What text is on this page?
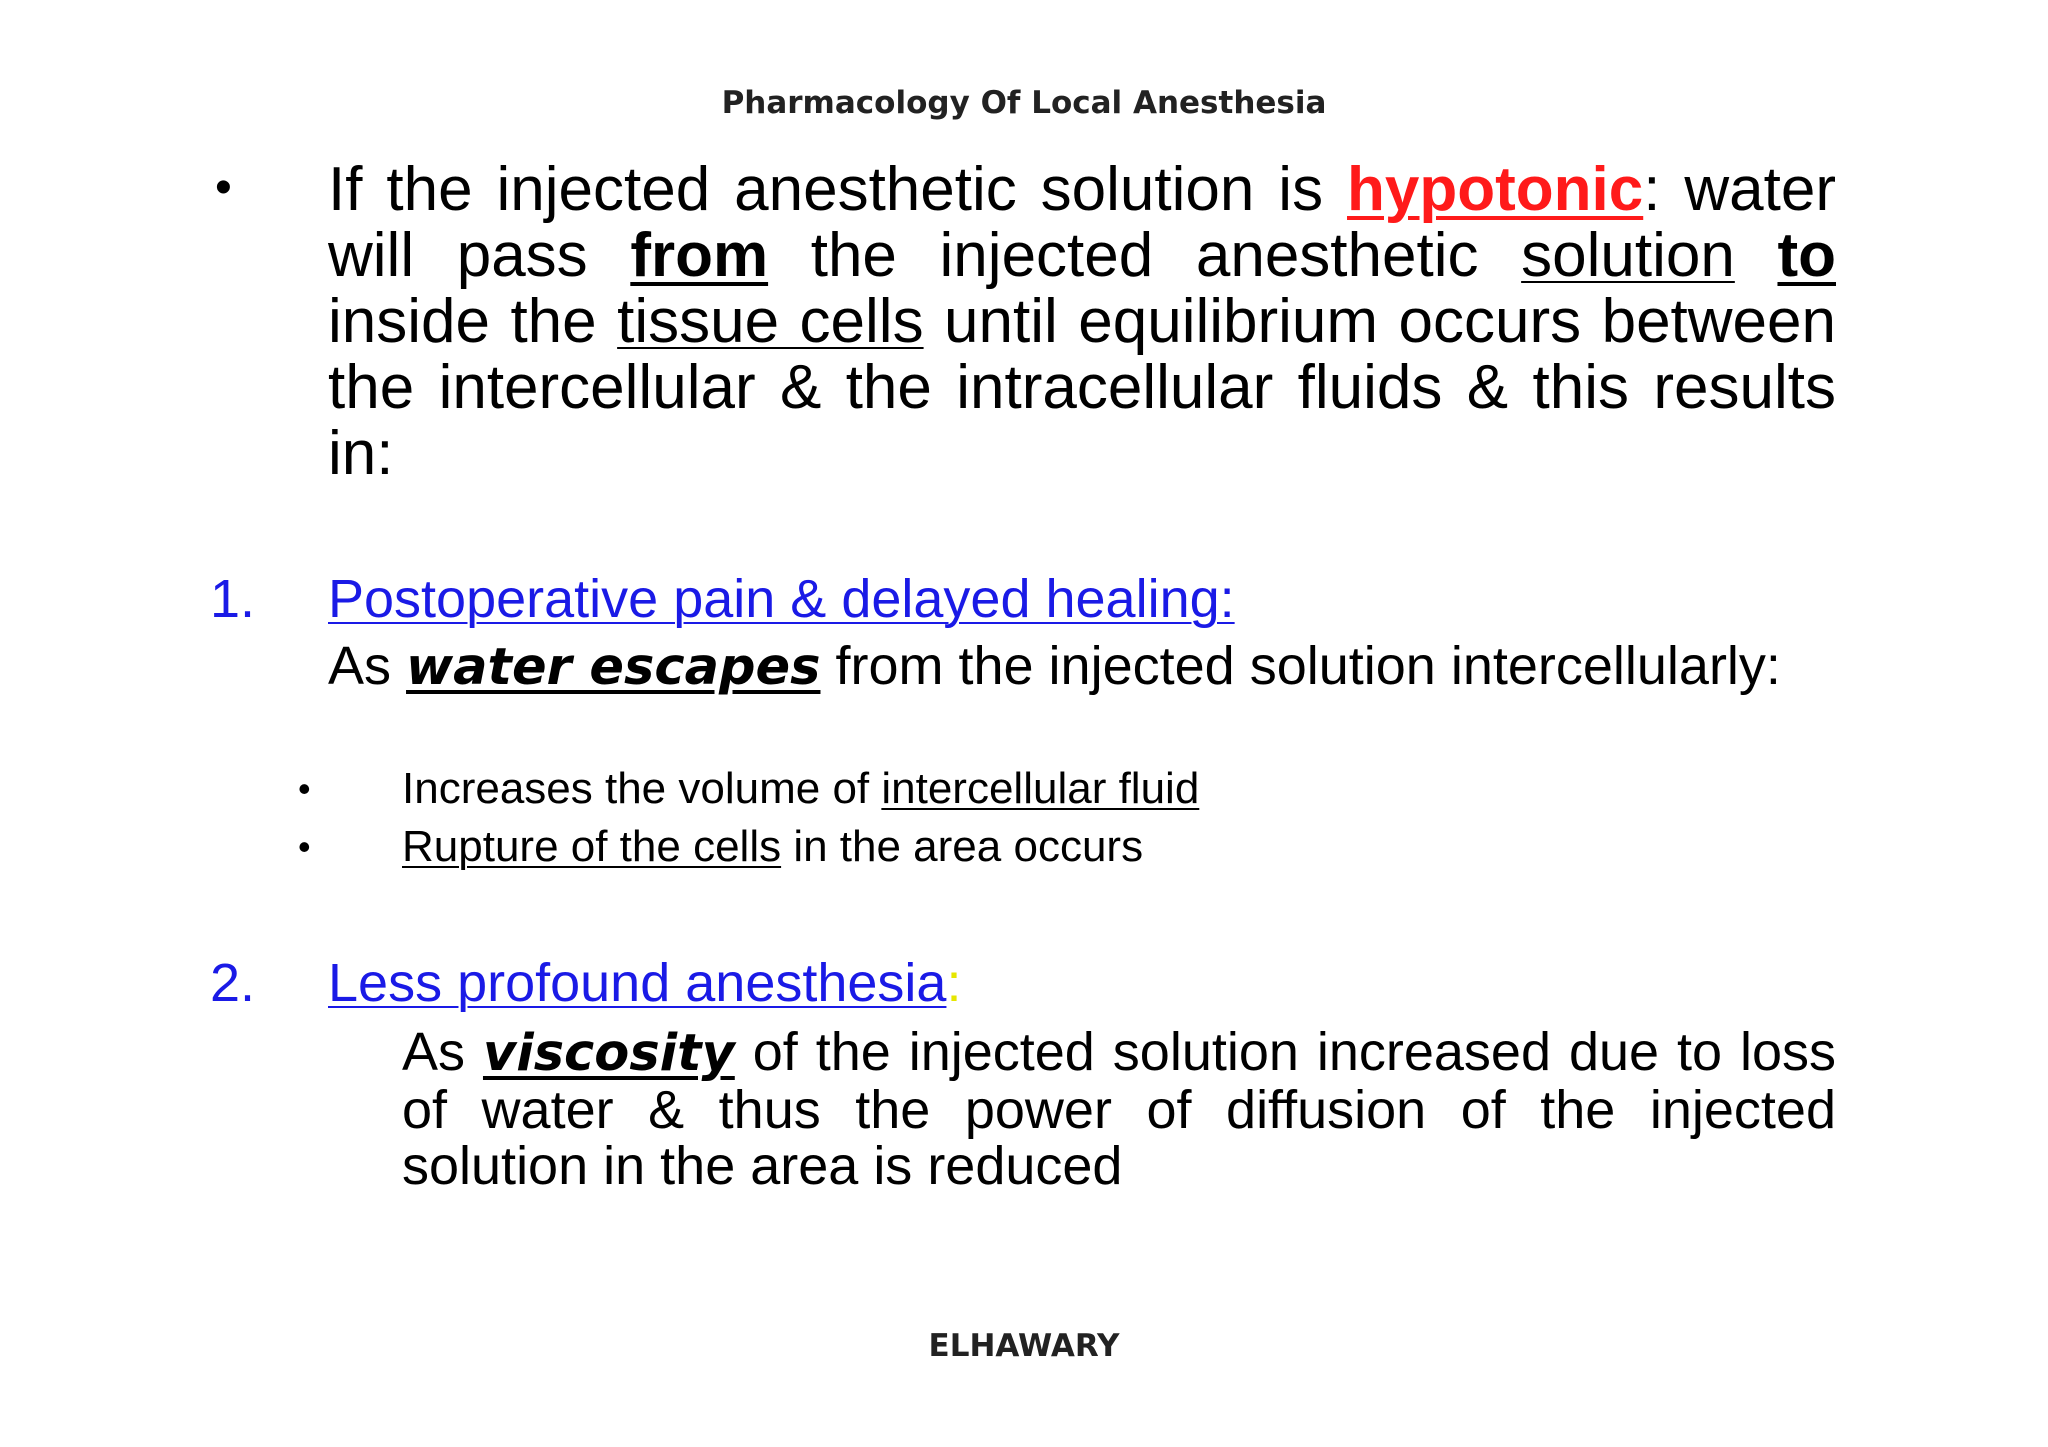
Pharmacology Of Local Anesthesia
• If the injected anesthetic solution is hypotonic: water will pass from the injected anesthetic solution to inside the tissue cells until equilibrium occurs between the intercellular & the intracellular fluids & this results in:
1. Postoperative pain & delayed healing:
As water escapes from the injected solution intercellularly:
• Increases the volume of intercellular fluid
• Rupture of the cells in the area occurs
2. Less profound anesthesia:
As viscosity of the injected solution increased due to loss of water & thus the power of diffusion of the injected solution in the area is reduced
ELHAWARY
